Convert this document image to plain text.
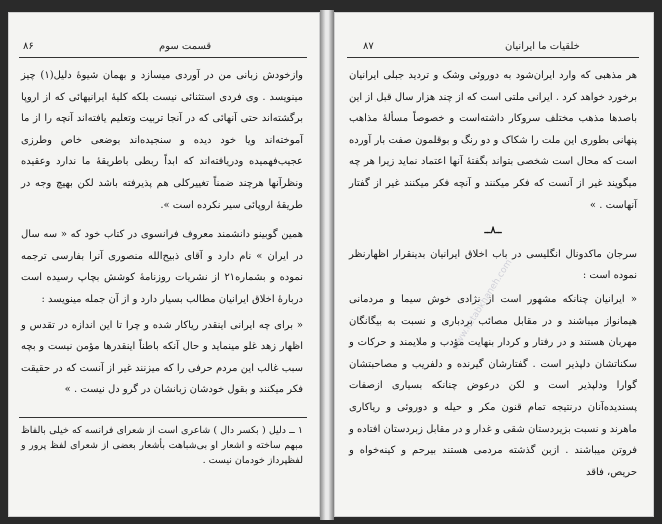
۸۶	قسمت سوم

وازخودش زبانی من در آوردی میسازد و بهمان شیوهٔ دلیل(۱) چیز مینویسد . وی فردی استثنائی نیست بلکه کلیهٔ ایرانیهائی که از اروپا برگشته‌اند حتی آنهائی که در آنجا تربیت وتعلیم یافته‌اند آنچه را از ما آموخته‌اند ویا خود دیده و سنجیده‌اند بوضعی خاص وطرزی عجیب‌فهمیده ودریافته‌اند که ابداً ربطی باطریقهٔ ما ندارد وعقیده ونظرآنها هرچند ضمناً تغییرکلی هم پذیرفته باشد لکن بهیچ وجه در طریقهٔ اروپائی سیر نکرده است ».

همین گوبینو دانشمند معروف فرانسوی در کتاب خود که « سه سال در ایران » نام دارد و آقای ذبیح‌الله منصوری آنرا بفارسی ترجمه نموده و بشماره۲۱ از نشریات روزنامهٔ کوشش بچاپ رسیده است دربارهٔ اخلاق ایرانیان مطالب بسیار دارد و از آن جمله مینویسد :

« برای چه ایرانی اینقدر ریاکار شده و چرا تا این اندازه در تقدس و اظهار زهد غلو مینماید و حال آنکه باطناً اینقدرها مؤمن نیست و بچه سبب غالب این مردم حرفی را که میزنند غیر از آنست که در حقیقت فکر میکنند و بقول خودشان زبانشان در گرو دل نیست . »

۱ ــ دلیل ( بکسر دال ) شاعری است از شعرای فرانسه که خیلی بالفاظ مبهم ساخته و اشعار او بی‌شباهت بأشعار بعضی از شعرای لفظ پرور و لفظپرداز خودمان نیست .
خلقیات ما ایرانیان
۸۷

هر مذهبی که وارد ایران‌شود به دوروئی وشک و تردید جبلی ایرانیان برخورد خواهد کرد . ایرانی ملتی است که از چند هزار سال قبل از این باصدها مذهب مختلف سروکار داشته‌است و خصوصاً مسألهٔ مذاهب پنهانی بطوری این ملت را شکاک و دو رنگ و بوقلمون صفت بار آورده است که محال است شخصی بتواند بگفتهٔ آنها اعتماد نماید زیرا هر چه میگویند غیر از آنست که فکر میکنند و آنچه فکر میکنند غیر از گفتار آنهاست . »

ــ۸ــ

سرجان ماکدونال انگلیسی در باب اخلاق ایرانیان بدینقرار اظهارنظر نموده است :

« ایرانیان چنانکه مشهور است از نژادی خوش سیما و مردمانی هیمانواز میباشند و در مقابل مصائب بردباری و نسبت به بیگانگان مهربان هستند و در رفتار و کردار بنهایت مؤدب و ملایمند و حرکات و سکناتشان دلپذیر است . گفتارشان گیرنده و دلفریب و مصاحبتشان گوارا ودلپذیر است و لکن درعوض چنانکه بسیاری ازصفات پسندیده‌آنان درنتیجه تمام قنون مکر و حیله و دوروئی و ریاکاری ماهرند و نسبت بزیردستان شقی و غدار و در مقابل زبردستان افتاده و فروتن میباشند . ازبن گذشته مردمی هستند بیرحم و کینه‌خواه و حریص، فاقد

www.ketabkhaneh.com
